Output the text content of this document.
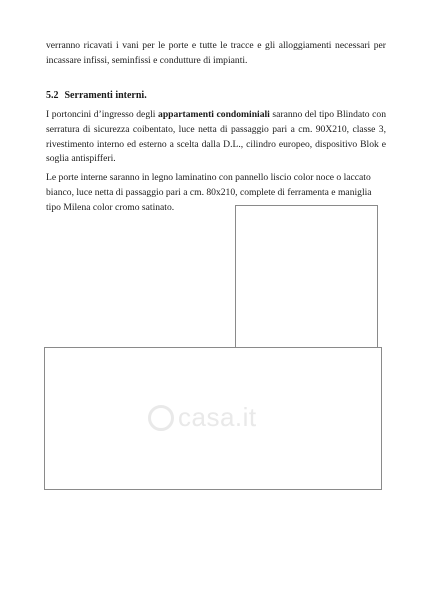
verranno ricavati i vani per le porte e tutte le tracce e gli alloggiamenti necessari per incassare infissi, seminfissi e condutture di impianti.

5.2 Serramenti interni.

I portoncini d’ingresso degli appartamenti condominiali saranno del tipo Blindato con serratura di sicurezza coibentato, luce netta di passaggio pari a cm. 90X210, classe 3, rivestimento interno ed esterno a scelta dalla D.L., cilindro europeo, dispositivo Blok e soglia antispifferi.

Le porte interne saranno in legno laminatino con pannello liscio color noce o laccato bianco, luce netta di passaggio pari a cm. 80x210, complete di ferramenta e maniglia tipo Milena color cromo satinato.

casa.it
